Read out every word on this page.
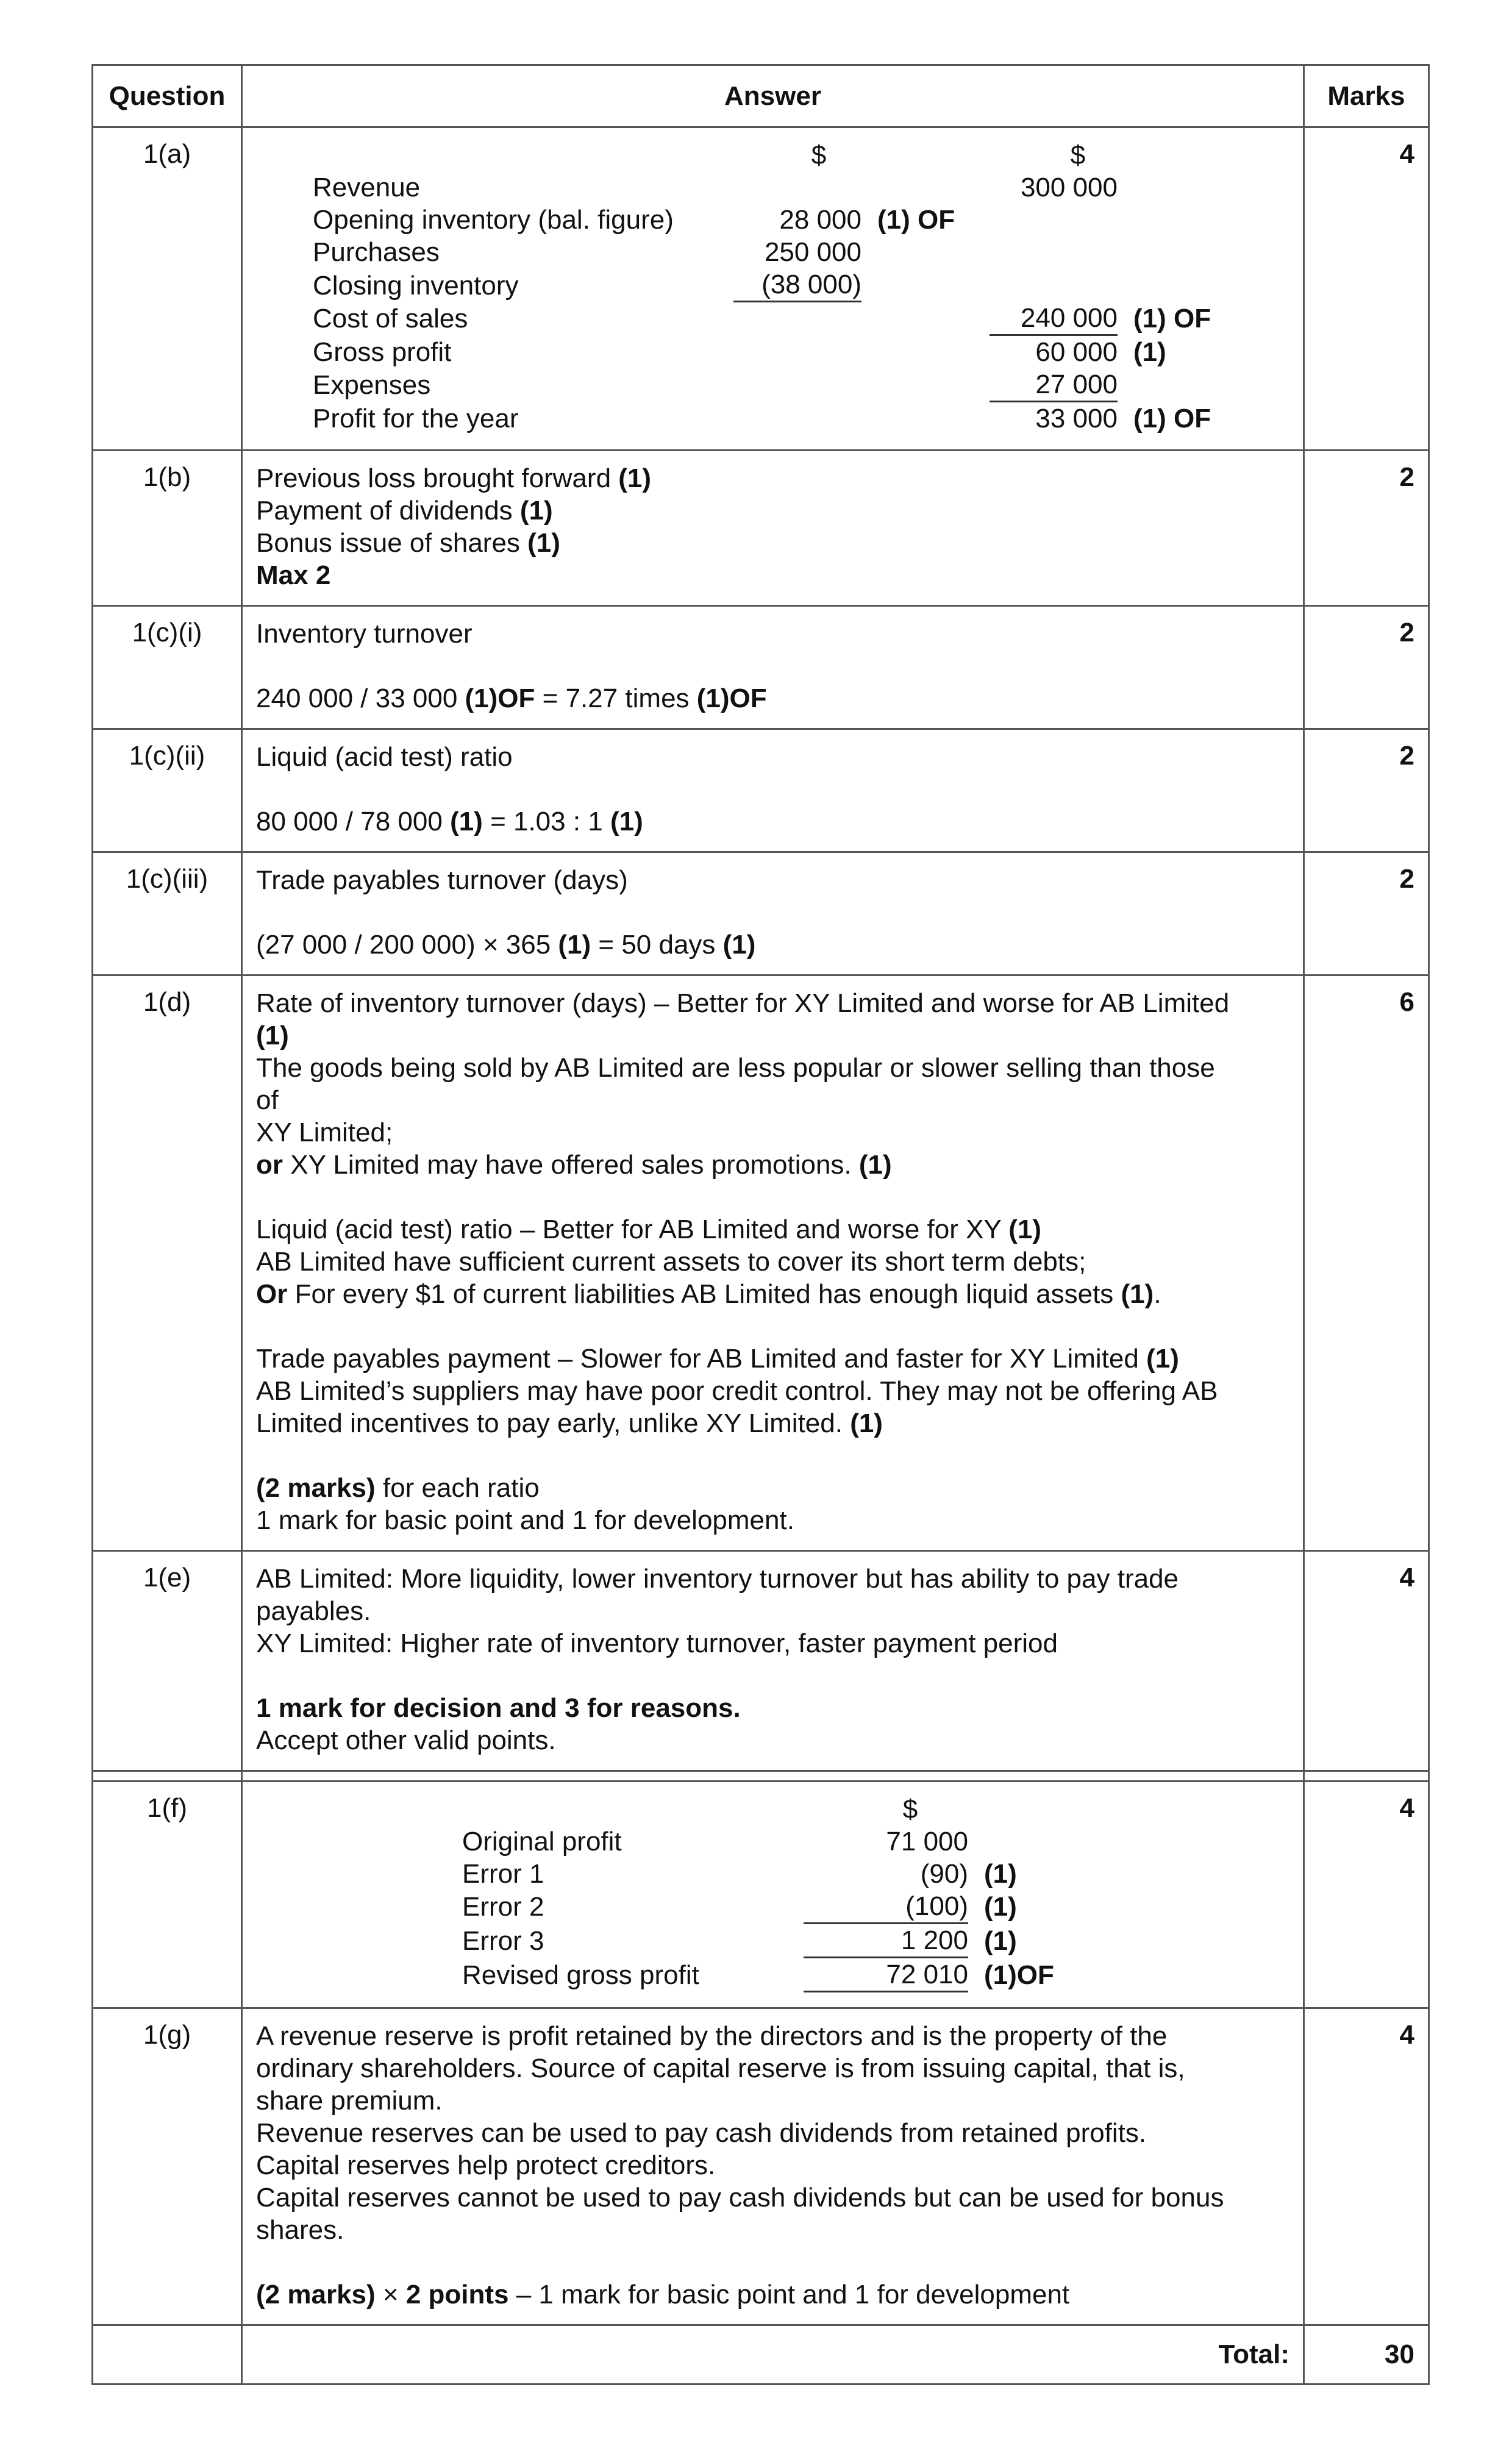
Question	Answer	Marks
1(a)	
		$		$	
Revenue			300 000	
Opening inventory (bal. figure)	28 000	(1) OF		
Purchases	250 000			
Closing inventory	(38 000)			
Cost of sales			240 000	(1) OF
Gross profit			60 000	(1)
Expenses			27 000	
Profit for the year			33 000	(1) OF
	4
1(b)	Previous loss brought forward (1)
Payment of dividends (1)
Bonus issue of shares (1)
Max 2
	2
1(c)(i)	Inventory turnover
240 000 / 33 000 (1)OF = 7.27 times (1)OF
	2
1(c)(ii)	Liquid (acid test) ratio
80 000 / 78 000 (1) = 1.03 : 1 (1)
	2
1(c)(iii)	Trade payables turnover (days)
(27 000 / 200 000) × 365 (1) = 50 days (1)
	2
1(d)	Rate of inventory turnover (days) – Better for XY Limited and worse for AB Limited
(1)
The goods being sold by AB Limited are less popular or slower selling than those
of
XY Limited;
or XY Limited may have offered sales promotions. (1)
Liquid (acid test) ratio – Better for AB Limited and worse for XY (1)
AB Limited have sufficient current assets to cover its short term debts;
Or For every $1 of current liabilities AB Limited has enough liquid assets (1).
Trade payables payment – Slower for AB Limited and faster for XY Limited (1)
AB Limited’s suppliers may have poor credit control. They may not be offering AB
Limited incentives to pay early, unlike XY Limited. (1)
(2 marks) for each ratio
1 mark for basic point and 1 for development.
	6
1(e)	AB Limited: More liquidity, lower inventory turnover but has ability to pay trade
payables.
XY Limited: Higher rate of inventory turnover, faster payment period
1 mark for decision and 3 for reasons.
Accept other valid points.
	4

1(f)	
		$	
Original profit	71 000	
Error 1	(90)	(1)
Error 2	(100)	(1)
Error 3	1 200	(1)
Revised gross profit	72 010	(1)OF
	4
1(g)	A revenue reserve is profit retained by the directors and is the property of the
ordinary shareholders. Source of capital reserve is from issuing capital, that is,
share premium.
Revenue reserves can be used to pay cash dividends from retained profits.
Capital reserves help protect creditors.
Capital reserves cannot be used to pay cash dividends but can be used for bonus
shares.
(2 marks) × 2 points – 1 mark for basic point and 1 for development
	4
	Total:	30
